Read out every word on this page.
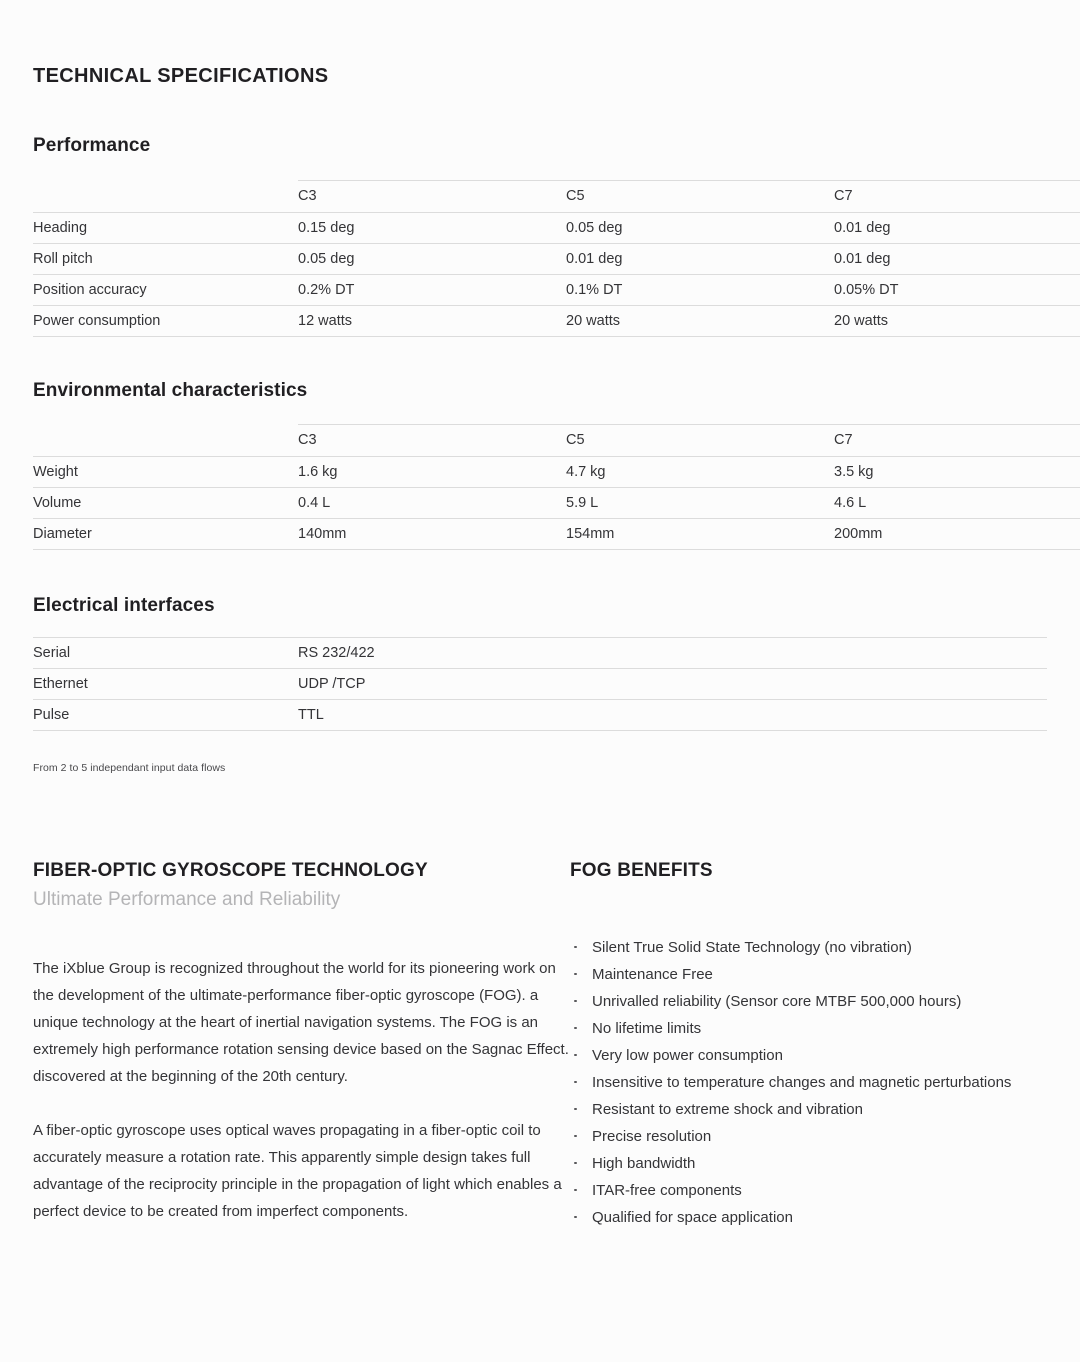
TECHNICAL SPECIFICATIONS
Performance
	C3	C5	C7
Heading	0.15 deg	0.05 deg	0.01 deg
Roll pitch	0.05 deg	0.01 deg	0.01 deg
Position accuracy	0.2% DT	0.1% DT	0.05% DT
Power consumption	12 watts	20 watts	20 watts
Environmental characteristics
	C3	C5	C7
Weight	1.6 kg	4.7 kg	3.5 kg
Volume	0.4 L	5.9 L	4.6 L
Diameter	140mm	154mm	200mm
Electrical interfaces
Serial	RS 232/422
Ethernet	UDP /TCP
Pulse	TTL
From 2 to 5 independant input data flows
FIBER-OPTIC GYROSCOPE TECHNOLOGY
Ultimate Performance and Reliability

The iXblue Group is recognized throughout the world for its pioneering work on the development of the ultimate-performance fiber-optic gyroscope (FOG). a unique technology at the heart of inertial navigation systems. The FOG is an extremely high performance rotation sensing device based on the Sagnac Effect. discovered at the beginning of the 20th century.

A fiber-optic gyroscope uses optical waves propagating in a fiber-optic coil to accurately measure a rotation rate. This apparently simple design takes full advantage of the reciprocity principle in the propagation of light which enables a perfect device to be created from imperfect components.

FOG BENEFITS
Silent True Solid State Technology (no vibration)
Maintenance Free
Unrivalled reliability (Sensor core MTBF 500,000 hours)
No lifetime limits
Very low power consumption
Insensitive to temperature changes and magnetic perturbations
Resistant to extreme shock and vibration
Precise resolution
High bandwidth
ITAR-free components
Qualified for space application
